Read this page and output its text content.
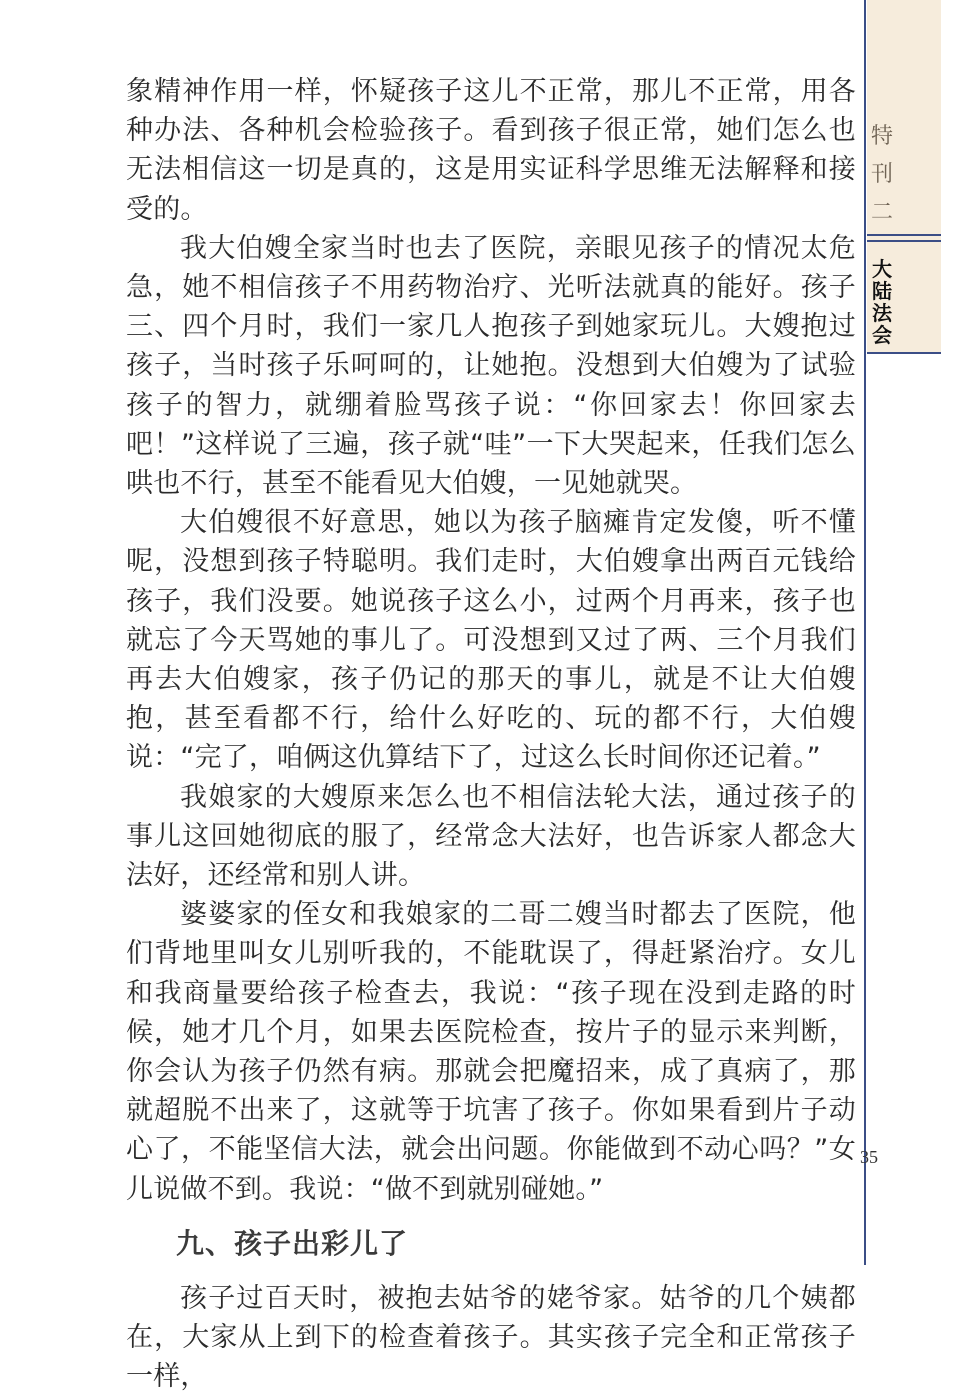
特
刊
二
大
陆
法
会

象精神作用一样，怀疑孩子这儿不正常，那儿不正常，用各种办法、各种机会检验孩子。看到孩子很正常，她们怎么也无法相信这一切是真的，这是用实证科学思维无法解释和接受的。

我大伯嫂全家当时也去了医院，亲眼见孩子的情况太危急，她不相信孩子不用药物治疗、光听法就真的能好。孩子三、四个月时，我们一家几人抱孩子到她家玩儿。大嫂抱过孩子，当时孩子乐呵呵的，让她抱。没想到大伯嫂为了试验孩子的智力，就绷着脸骂孩子说：“你回家去！你回家去吧！”这样说了三遍，孩子就“哇”一下大哭起来，任我们怎么哄也不行，甚至不能看见大伯嫂，一见她就哭。

大伯嫂很不好意思，她以为孩子脑瘫肯定发傻，听不懂呢，没想到孩子特聪明。我们走时，大伯嫂拿出两百元钱给孩子，我们没要。她说孩子这么小，过两个月再来，孩子也就忘了今天骂她的事儿了。可没想到又过了两、三个月我们再去大伯嫂家，孩子仍记的那天的事儿，就是不让大伯嫂抱，甚至看都不行，给什么好吃的、玩的都不行，大伯嫂说：“完了，咱俩这仇算结下了，过这么长时间你还记着。”

我娘家的大嫂原来怎么也不相信法轮大法，通过孩子的事儿这回她彻底的服了，经常念大法好，也告诉家人都念大法好，还经常和别人讲。

婆婆家的侄女和我娘家的二哥二嫂当时都去了医院，他们背地里叫女儿别听我的，不能耽误了，得赶紧治疗。女儿和我商量要给孩子检查去，我说：“孩子现在没到走路的时候，她才几个月，如果去医院检查，按片子的显示来判断，你会认为孩子仍然有病。那就会把魔招来，成了真病了，那就超脱不出来了，这就等于坑害了孩子。你如果看到片子动心了，不能坚信大法，就会出问题。你能做到不动心吗？”女儿说做不到。我说：“做不到就别碰她。”

九、孩子出彩儿了

孩子过百天时，被抱去姑爷的姥爷家。姑爷的几个姨都在，大家从上到下的检查着孩子。其实孩子完全和正常孩子一样，

35
